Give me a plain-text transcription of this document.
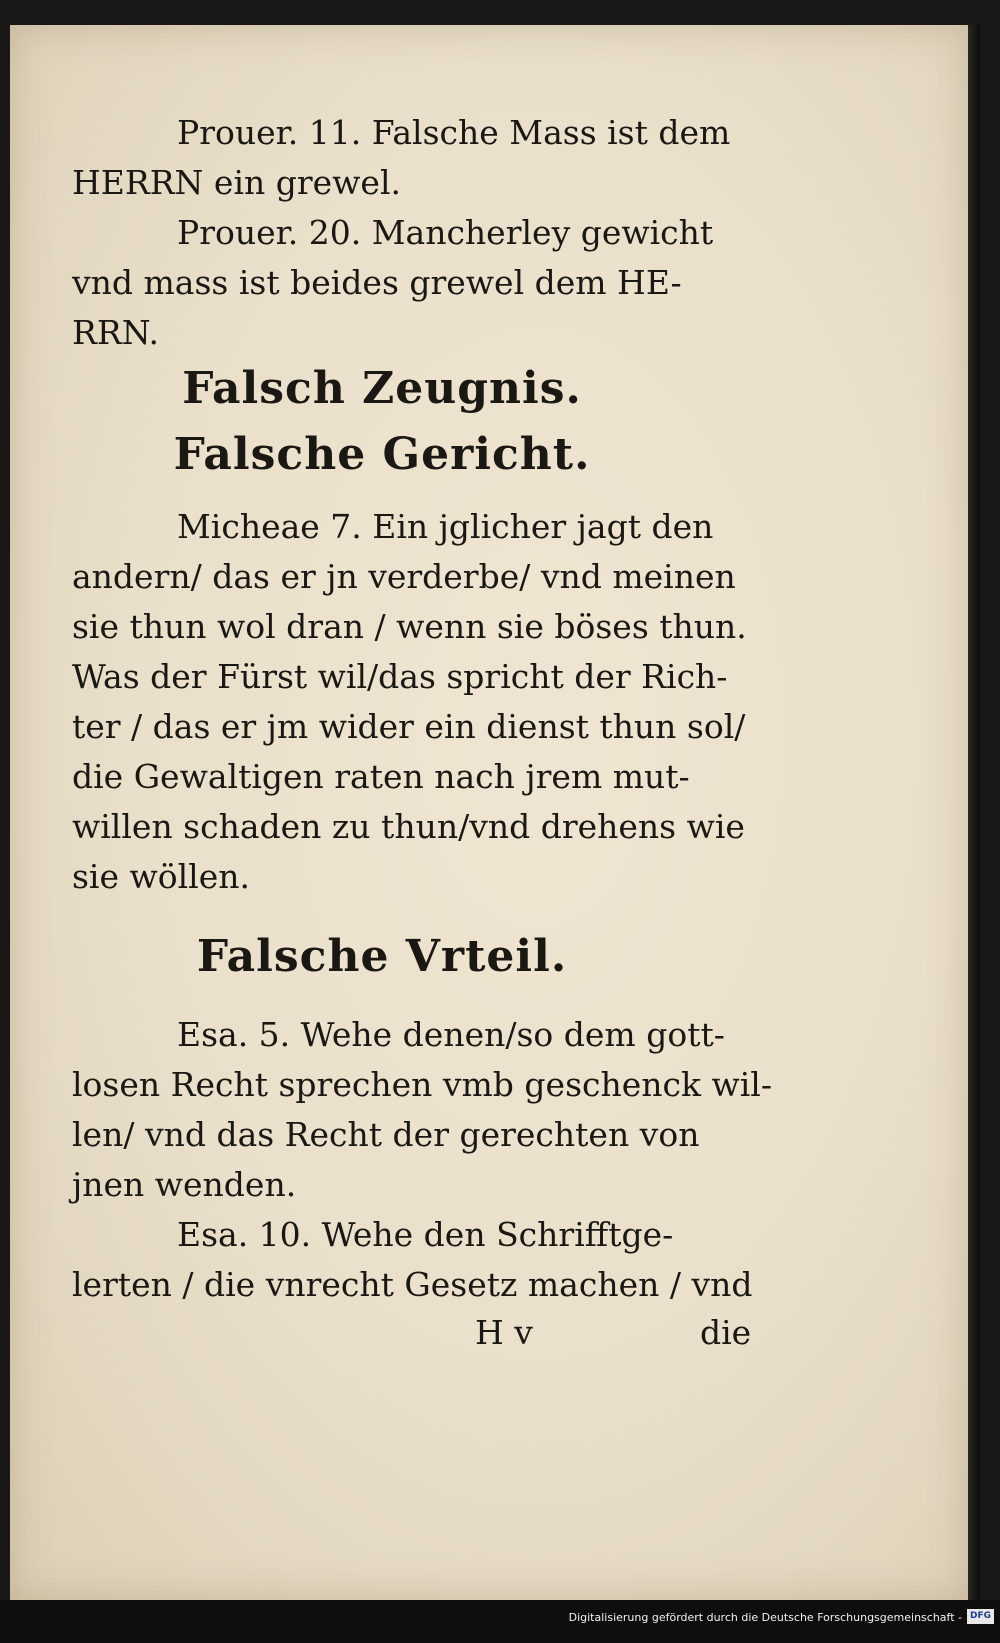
Prouer. 11. Falsche Mass ist dem
HERRN ein grewel.
Prouer. 20. Mancherley gewicht
vnd mass ist beides grewel dem HE-
RRN.
Falsch Zeugnis.
Falsche Gericht.
Micheae 7. Ein jglicher jagt den
andern/ das er jn verderbe/ vnd meinen
sie thun wol dran / wenn sie böses thun.
Was der Fürst wil/das spricht der Rich-
ter / das er jm wider ein dienst thun sol/
die Gewaltigen raten nach jrem mut-
willen schaden zu thun/vnd drehens wie
sie wöllen.
Falsche Vrteil.
Esa. 5. Wehe denen/so dem gott-
losen Recht sprechen vmb geschenck wil-
len/ vnd das Recht der gerechten von
jnen wenden.
Esa. 10. Wehe den Schrifftge-
lerten / die vnrecht Gesetz machen / vnd
H v	die
Digitalisierung gefördert durch die Deutsche Forschungsgemeinschaft - DFG
